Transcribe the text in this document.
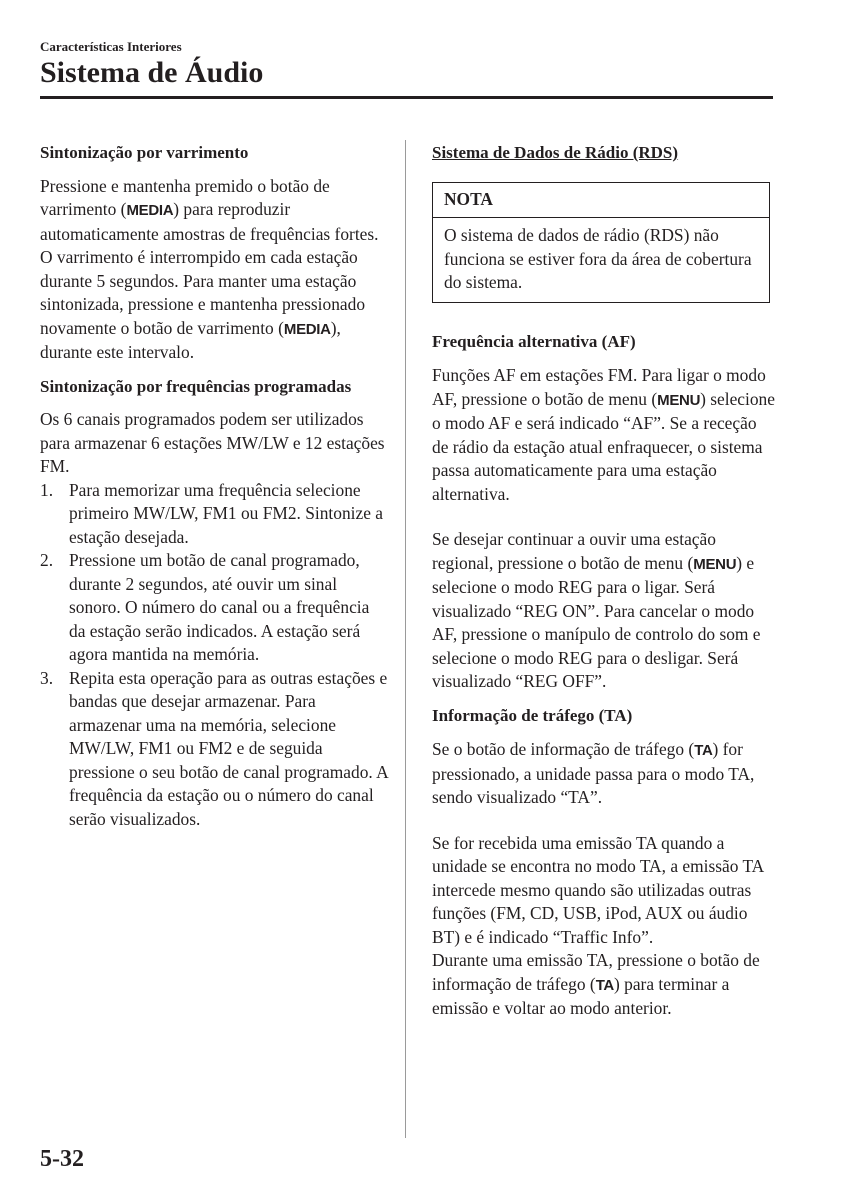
Características Interiores
Sistema de Áudio

Sintonização por varrimento

Pressione e mantenha premido o botão de varrimento (MEDIA) para reproduzir automaticamente amostras de frequências fortes. O varrimento é interrompido em cada estação durante 5 segundos. Para manter uma estação sintonizada, pressione e mantenha pressionado novamente o botão de varrimento (MEDIA), durante este intervalo.

Sintonização por frequências programadas

Os 6 canais programados podem ser utilizados para armazenar 6 estações MW/LW e 12 estações FM.

1. Para memorizar uma frequência selecione primeiro MW/LW, FM1 ou FM2. Sintonize a estação desejada.
2. Pressione um botão de canal programado, durante 2 segundos, até ouvir um sinal sonoro. O número do canal ou a frequência da estação serão indicados. A estação será agora mantida na memória.
3. Repita esta operação para as outras estações e bandas que desejar armazenar. Para armazenar uma na memória, selecione MW/LW, FM1 ou FM2 e de seguida pressione o seu botão de canal programado. A frequência da estação ou o número do canal serão visualizados.

Sistema de Dados de Rádio (RDS)

NOTA
O sistema de dados de rádio (RDS) não funciona se estiver fora da área de cobertura do sistema.

Frequência alternativa (AF)

Funções AF em estações FM. Para ligar o modo AF, pressione o botão de menu (MENU) selecione o modo AF e será indicado “AF”. Se a receção de rádio da estação atual enfraquecer, o sistema passa automaticamente para uma estação alternativa.

Se desejar continuar a ouvir uma estação regional, pressione o botão de menu (MENU) e selecione o modo REG para o ligar. Será visualizado “REG ON”. Para cancelar o modo AF, pressione o manípulo de controlo do som e selecione o modo REG para o desligar. Será visualizado “REG OFF”.

Informação de tráfego (TA)

Se o botão de informação de tráfego (TA) for pressionado, a unidade passa para o modo TA, sendo visualizado “TA”.

Se for recebida uma emissão TA quando a unidade se encontra no modo TA, a emissão TA intercede mesmo quando são utilizadas outras funções (FM, CD, USB, iPod, AUX ou áudio BT) e é indicado “Traffic Info”.

Durante uma emissão TA, pressione o botão de informação de tráfego (TA) para terminar a emissão e voltar ao modo anterior.

5-32
